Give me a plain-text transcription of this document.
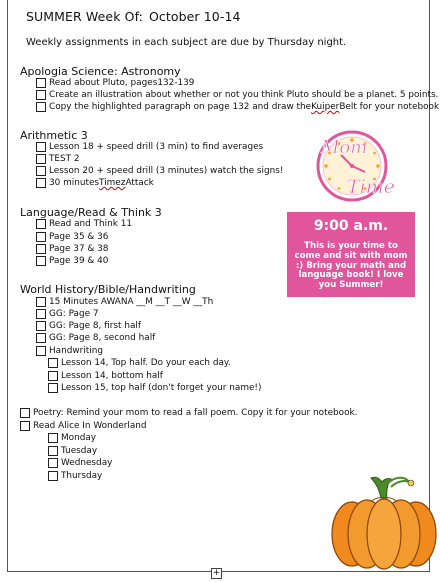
SUMMER Week Of: October 10-14
Weekly assignments in each subject are due by Thursday night.
Apologia Science: Astronomy
Read about Pluto, pages132-139
Create an illustration about whether or not you think Pluto should be a planet. 5 points.
Copy the highlighted paragraph on page 132 and draw the Kuiper Belt for your notebook
Arithmetic 3
Lesson 18 + speed drill (3 min) to find averages
TEST 2
Lesson 20 + speed drill (3 minutes) watch the signs!
30 minutes Timez Attack
Language/Read & Think 3
Read and Think 11
Page 35 & 36
Page 37 & 38
Page 39 & 40
World History/Bible/Handwriting
15 Minutes AWANA __M __T __W __Th
GG: Page 7
GG: Page 8, first half
GG: Page 8, second half
Handwriting
Lesson 14, Top half. Do your each day.
Lesson 14, bottom half
Lesson 15, top half (don't forget your name!)
Poetry: Remind your mom to read a fall poem. Copy it for your notebook.
Read Alice In Wonderland
Monday
Tuesday
Wednesday
Thursday
Mom
Time
9:00 a.m.
This is your time to come and sit with mom :) Bring your math and language book! I love you Summer!
+
